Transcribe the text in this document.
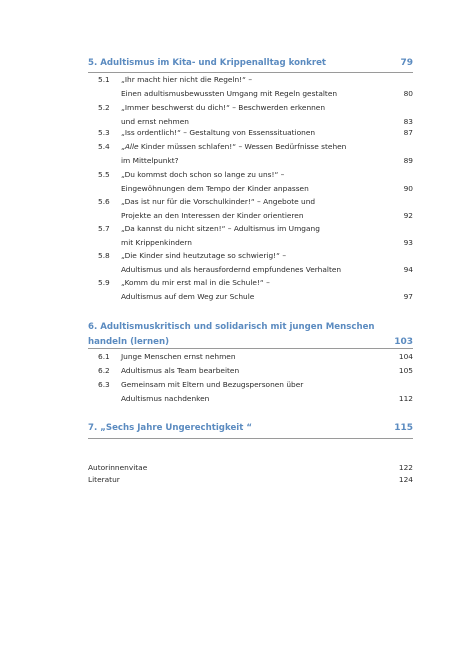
5. Adultismus im Kita- und Krippenalltag konkret	79
5.1 „Ihr macht hier nicht die Regeln!“ –
Einen adultismusbewussten Umgang mit Regeln gestalten	80
5.2 „Immer beschwerst du dich!“ – Beschwerden erkennen
und ernst nehmen	83
5.3 „Iss ordentlich!“ – Gestaltung von Essenssituationen	87
5.4 „Alle Kinder müssen schlafen!“ – Wessen Bedürfnisse stehen
im Mittelpunkt?	89
5.5 „Du kommst doch schon so lange zu uns!“ –
Eingewöhnungen dem Tempo der Kinder anpassen	90
5.6 „Das ist nur für die Vorschulkinder!“ – Angebote und
Projekte an den Interessen der Kinder orientieren	92
5.7 „Da kannst du nicht sitzen!“ – Adultismus im Umgang
mit Krippenkindern	93
5.8 „Die Kinder sind heutzutage so schwierig!“ –
Adultismus und als herausfordernd empfundenes Verhalten	94
5.9 „Komm du mir erst mal in die Schule!“ –
Adultismus auf dem Weg zur Schule	97
6. Adultismuskritisch und solidarisch mit jungen Menschen
handeln (lernen)	103
6.1 Junge Menschen ernst nehmen	104
6.2 Adultismus als Team bearbeiten	105
6.3 Gemeinsam mit Eltern und Bezugspersonen über
Adultismus nachdenken	112
7. „Sechs Jahre Ungerechtigkeit “	115
Autorinnenvitae	122
Literatur	124
